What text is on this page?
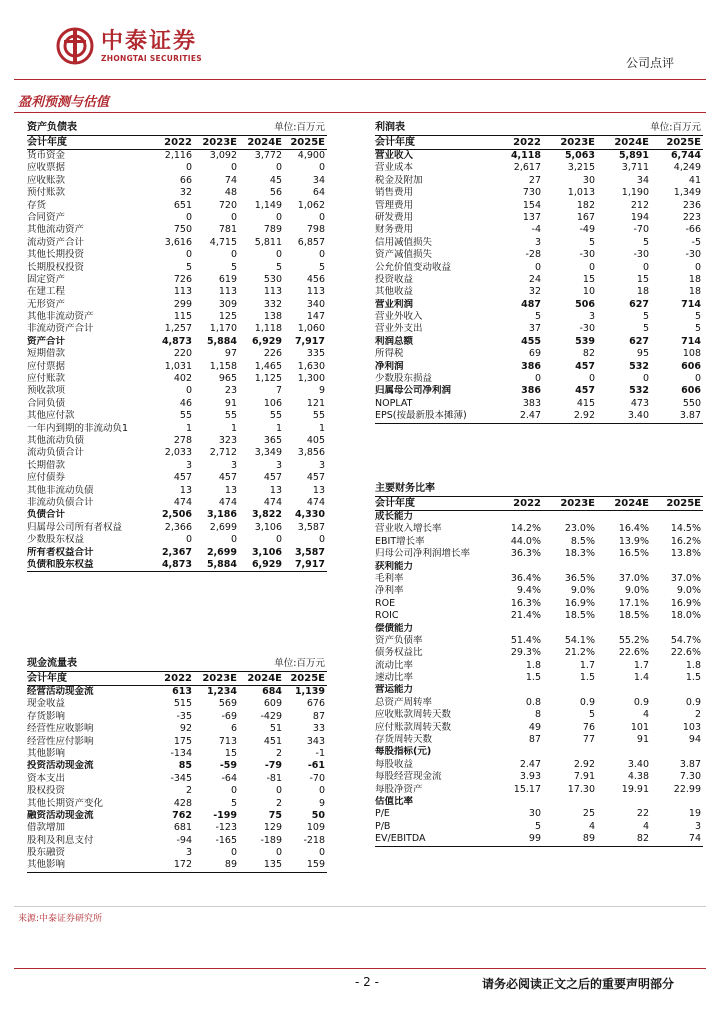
中泰证券
ZHONGTAI SECURITIES	公司点评
盈利预测与估值
资产负债表	单位:百万元
会计年度	2022	2023E	2024E 2025E
货币资金	2,116	3,092	3,772	4,900
应收票据	0	0	0	0
应收账款	66	74	45	34
预付账款	32	48	56	64
存货	651	720	1,149	1,062
合同资产	0	0	0	0
其他流动资产	750	781	789	798
流动资产合计	3,616	4,715	5,811	6,857
其他长期投资	0	0	0	0
长期股权投资	5	5	5	5
固定资产	726	619	530	456
在建工程	113	113	113	113
无形资产	299	309	332	340
其他非流动资产	115	125	138	147
非流动资产合计	1,257	1,170	1,118	1,060
资产合计	4,873	5,884	6,929	7,917
短期借款	220	97	226	335
应付票据	1,031	1,158	1,465	1,630
应付账款	402	965	1,125	1,300
预收款项	0	23	7	9
合同负债	46	91	106	121
其他应付款	55	55	55	55
一年内到期的非流动负1	1	1	1	1
其他流动负债	278	323	365	405
流动负债合计	2,033	2,712	3,349	3,856
长期借款	3	3	3	3
应付债券	457	457	457	457
其他非流动负债	13	13	13	13
非流动负债合计	474	474	474	474
负债合计	2,506	3,186	3,822	4,330
归属母公司所有者权益	2,366	2,699	3,106	3,587
少数股东权益	0	0	0	0
所有者权益合计	2,367	2,699	3,106	3,587
负债和股东权益	4,873	5,884	6,929	7,917
现金流量表	单位:百万元
会计年度	2022	2023E	2024E 2025E
经营活动现金流	613	1,234	684	1,139
现金收益	515	569	609	676
存货影响	-35	-69	-429	87
经营性应收影响	92	6	51	33
经营性应付影响	175	713	451	343
其他影响	-134	15	2	-1
投资活动现金流	85	-59	-79	-61
资本支出	-345	-64	-81	-70
股权投资	2	0	0	0
其他长期资产变化	428	5	2	9
融资活动现金流	762	-199	75	50
借款增加	681	-123	129	109
股利及利息支付	-94	-165	-189	-218
股东融资	3	0	0	0
其他影响	172	89	135	159
利润表	单位:百万元
会计年度	2022	2023E	2024E	2025E
营业收入	4,118	5,063	5,891	6,744
营业成本	2,617	3,215	3,711	4,249
税金及附加	27	30	34	41
销售费用	730	1,013	1,190	1,349
管理费用	154	182	212	236
研发费用	137	167	194	223
财务费用	-4	-49	-70	-66
信用减值损失	3	5	5	-5
资产减值损失	-28	-30	-30	-30
公允价值变动收益	0	0	0	0
投资收益	24	15	15	18
其他收益	32	10	18	18
营业利润	487	506	627	714
营业外收入	5	3	5	5
营业外支出	37	-30	5	5
利润总额	455	539	627	714
所得税	69	82	95	108
净利润	386	457	532	606
少数股东损益	0	0	0	0
归属母公司净利润	386	457	532	606
NOPLAT	383	415	473	550
EPS(按最新股本摊薄)	2.47	2.92	3.40	3.87
主要财务比率
会计年度	2022	2023E	2024E	2025E
成长能力
营业收入增长率	14.2%	23.0%	16.4%	14.5%
EBIT增长率	44.0%	8.5%	13.9%	16.2%
归母公司净利润增长率	36.3%	18.3%	16.5%	13.8%
获利能力
毛利率	36.4%	36.5%	37.0%	37.0%
净利率	9.4%	9.0%	9.0%	9.0%
ROE	16.3%	16.9%	17.1%	16.9%
ROIC	21.4%	18.5%	18.5%	18.0%
偿债能力
资产负债率	51.4%	54.1%	55.2%	54.7%
债务权益比	29.3%	21.2%	22.6%	22.6%
流动比率	1.8	1.7	1.7	1.8
速动比率	1.5	1.5	1.4	1.5
营运能力
总资产周转率	0.8	0.9	0.9	0.9
应收账款周转天数	8	5	4	2
应付账款周转天数	49	76	101	103
存货周转天数	87	77	91	94
每股指标(元)
每股收益	2.47	2.92	3.40	3.87
每股经营现金流	3.93	7.91	4.38	7.30
每股净资产	15.17	17.30	19.91	22.99
估值比率
P/E	30	25	22	19
P/B	5	4	4	3
EV/EBITDA	99	89	82	74
来源:中泰证券研究所
- 2 -	请务必阅读正文之后的重要声明部分
